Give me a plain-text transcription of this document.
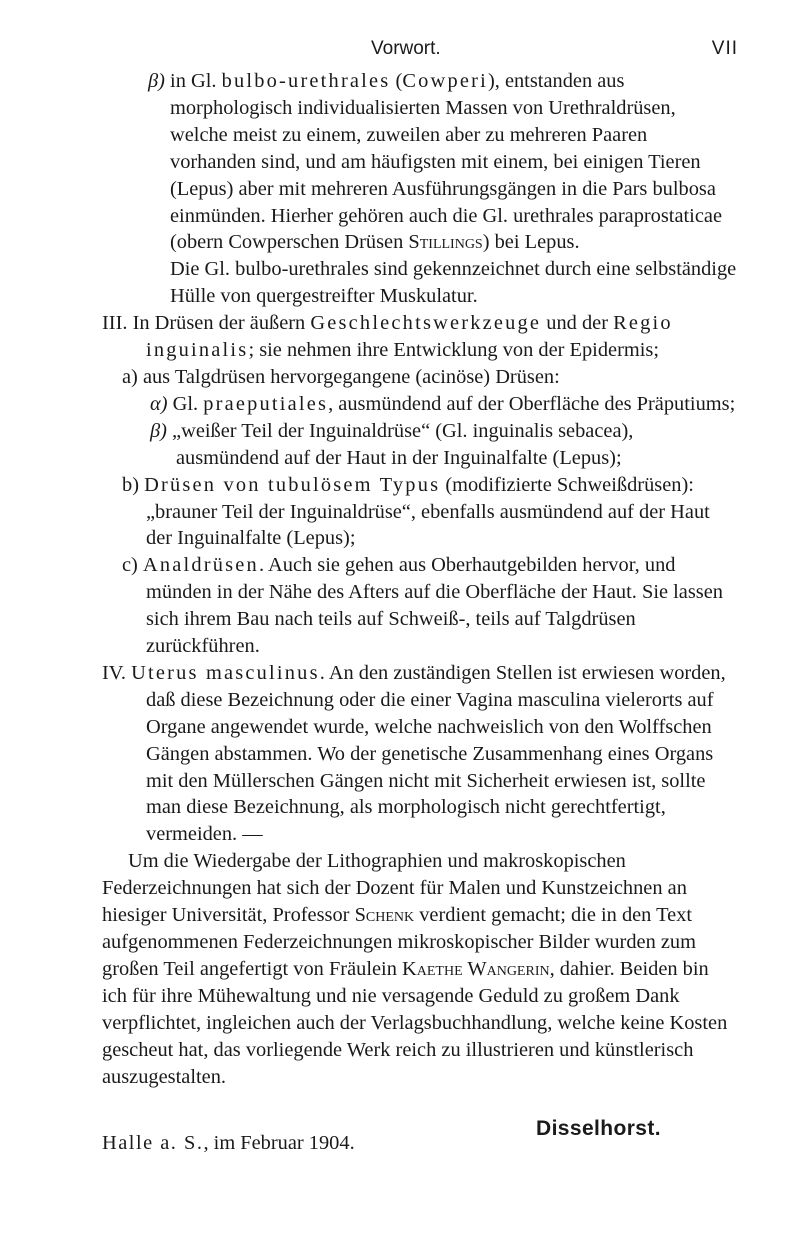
Vorwort.	VII

β) in Gl. bulbo-urethrales (Cowperi), entstanden aus morphologisch individualisierten Massen von Urethraldrüsen, welche meist zu einem, zuweilen aber zu mehreren Paaren vorhanden sind, und am häufigsten mit einem, bei einigen Tieren (Lepus) aber mit mehreren Ausführungsgängen in die Pars bulbosa einmünden. Hierher gehören auch die Gl. urethrales paraprostaticae (obern Cowperschen Drüsen Stillings) bei Lepus.

Die Gl. bulbo-urethrales sind gekennzeichnet durch eine selbständige Hülle von quergestreifter Muskulatur.

III. In Drüsen der äußern Geschlechtswerkzeuge und der Regio inguinalis; sie nehmen ihre Entwicklung von der Epidermis;

a) aus Talgdrüsen hervorgegangene (acinöse) Drüsen:

α) Gl. praeputiales, ausmündend auf der Oberfläche des Präputiums;

β) „weißer Teil der Inguinaldrüse“ (Gl. inguinalis sebacea), ausmündend auf der Haut in der Inguinalfalte (Lepus);

b) Drüsen von tubulösem Typus (modifizierte Schweißdrüsen): „brauner Teil der Inguinaldrüse“, ebenfalls ausmündend auf der Haut der Inguinalfalte (Lepus);

c) Analdrüsen. Auch sie gehen aus Oberhautgebilden hervor, und münden in der Nähe des Afters auf die Oberfläche der Haut. Sie lassen sich ihrem Bau nach teils auf Schweiß-, teils auf Talgdrüsen zurückführen.

IV. Uterus masculinus. An den zuständigen Stellen ist erwiesen worden, daß diese Bezeichnung oder die einer Vagina masculina vielerorts auf Organe angewendet wurde, welche nachweislich von den Wolffschen Gängen abstammen. Wo der genetische Zusammenhang eines Organs mit den Müllerschen Gängen nicht mit Sicherheit erwiesen ist, sollte man diese Bezeichnung, als morphologisch nicht gerechtfertigt, vermeiden. —

Um die Wiedergabe der Lithographien und makroskopischen Federzeichnungen hat sich der Dozent für Malen und Kunstzeichnen an hiesiger Universität, Professor Schenk verdient gemacht; die in den Text aufgenommenen Federzeichnungen mikroskopischer Bilder wurden zum großen Teil angefertigt von Fräulein Kaethe Wangerin, dahier. Beiden bin ich für ihre Mühewaltung und nie versagende Geduld zu großem Dank verpflichtet, ingleichen auch der Verlagsbuchhandlung, welche keine Kosten gescheut hat, das vorliegende Werk reich zu illustrieren und künstlerisch auszugestalten.

Halle a. S., im Februar 1904.

Disselhorst.
